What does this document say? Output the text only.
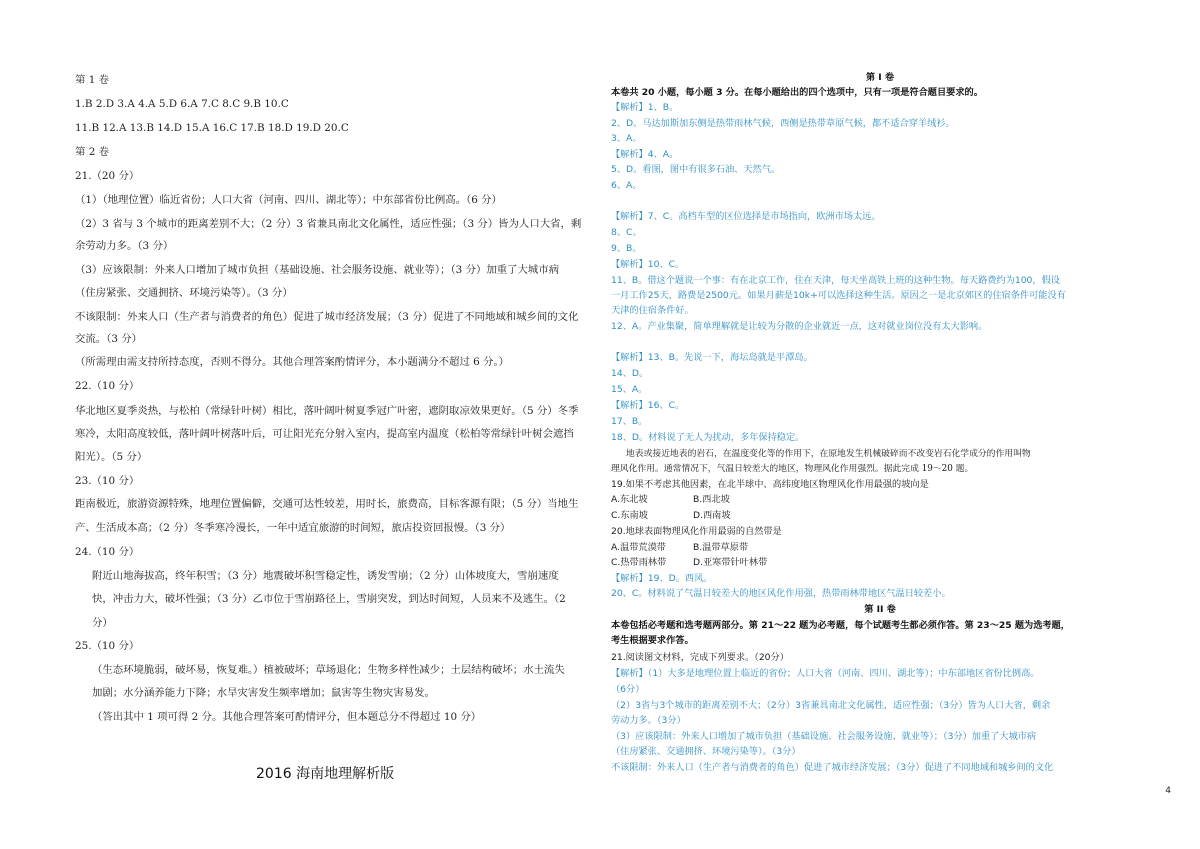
第 1 卷
1.B 2.D 3.A 4.A 5.D 6.A 7.C 8.C 9.B 10.C
11.B 12.A 13.B 14.D 15.A 16.C 17.B 18.D 19.D 20.C
第 2 卷
21.（20 分）
（1）（地理位置）临近省份；人口大省（河南、四川、湖北等）；中东部省份比例高。（6 分）
（2）3 省与 3 个城市的距离差别不大；（2 分）3 省兼具南北文化属性，适应性强；（3 分）皆为人口大省，剩
余劳动力多。（3 分）
（3）应该限制：外来人口增加了城市负担（基础设施、社会服务设施、就业等）；（3 分）加重了大城市病
（住房紧张、交通拥挤、环境污染等）。（3 分）
不该限制：外来人口（生产者与消费者的角色）促进了城市经济发展；（3 分）促进了不同地域和城乡间的文化
交流。（3 分）
（所需理由需支持所持态度，否则不得分。其他合理答案酌情评分，本小题满分不超过 6 分。）
22.（10 分）
华北地区夏季炎热，与松柏（常绿针叶树）相比，落叶阔叶树夏季冠广叶密，遮阴取凉效果更好。（5 分）冬季
寒冷，太阳高度较低，落叶阔叶树落叶后，可让阳光充分射入室内，提高室内温度（松柏等常绿针叶树会遮挡
阳光）。（5 分）
23.（10 分）
距南极近，旅游资源特殊，地理位置偏僻，交通可达性较差，用时长，旅费高，目标客源有限；（5 分）当地生
产、生活成本高；（2 分）冬季寒冷漫长，一年中适宜旅游的时间短，旅店投资回报慢。（3 分）
24.（10 分）
附近山地海拔高，终年积雪；（3 分）地震破坏积雪稳定性，诱发雪崩；（2 分）山体坡度大，雪崩速度
快，冲击力大，破坏性强；（3 分）乙市位于雪崩路径上，雪崩突发，到达时间短，人员来不及逃生。（2
分）
25.（10 分）
（生态环境脆弱，破坏易，恢复难。）植被破坏；草场退化；生物多样性减少；土层结构破坏；水土流失
加剧；水分涵养能力下降；水旱灾害发生频率增加；鼠害等生物灾害易发。
（答出其中 1 项可得 2 分。其他合理答案可酌情评分，但本题总分不得超过 10 分）
2016 海南地理解析版
第 I 卷
本卷共 20 小题，每小题 3 分。在每小题给出的四个选项中，只有一项是符合题目要求的。
【解析】1、B。
2、D。马达加斯加东侧是热带雨林气候，西侧是热带草原气候，都不适合穿羊绒衫。
3、A。
【解析】4、A。
5、D。看图，图中有很多石油、天然气。
6、A。
【解析】7、C。高档车型的区位选择是市场指向，欧洲市场太远。
8、C。
9、B。
【解析】10、C。
11、B。借这个题说一个事：有在北京工作，住在天津，每天坐高铁上班的这种生物。每天路费约为100，假设
一月工作25天，路费是2500元。如果月薪是10k+可以选择这种生活。原因之一是北京郊区的住宿条件可能没有
天津的住宿条件好。
12、A。产业集聚，简单理解就是让较为分散的企业就近一点，这对就业岗位没有太大影响。
【解析】13、B。先说一下，海坛岛就是平潭岛。
14、D。
15、A。
【解析】16、C。
17、B。
18、D。材料说了无人为扰动，多年保持稳定。
地表或接近地表的岩石，在温度变化等的作用下，在原地发生机械破碎而不改变岩石化学成分的作用叫物
理风化作用。通常情况下，气温日较差大的地区，物理风化作用强烈。据此完成 19～20 题。
19.如果不考虑其他因素，在北半球中、高纬度地区物理风化作用最强的坡向是
A.东北坡	B.西北坡
C.东南坡	D.西南坡
20.地球表面物理风化作用最弱的自然带是
A.温带荒漠带	B.温带草原带
C.热带雨林带	D.亚寒带针叶林带
【解析】19、D。西风。
20、C。材料说了气温日较差大的地区风化作用强，热带雨林带地区气温日较差小。
第 II 卷
本卷包括必考题和选考题两部分。第 21～22 题为必考题，每个试题考生都必须作答。第 23～25 题为选考题，
考生根据要求作答。
21.阅读图文材料，完成下列要求。（20分）
【解析】（1）大多是地理位置上临近的省份；人口大省（河南、四川、湖北等）；中东部地区省份比例高。
（6分）
（2）3省与3个城市的距离差别不大；（2分）3省兼具南北文化属性，适应性强；（3分）皆为人口大省，剩余
劳动力多。（3分）
（3）应该限制：外来人口增加了城市负担（基础设施、社会服务设施、就业等）；（3分）加重了大城市病
（住房紧张、交通拥挤、环境污染等）。（3分）
不该限制：外来人口（生产者与消费者的角色）促进了城市经济发展；（3分）促进了不同地域和城乡间的文化
4
